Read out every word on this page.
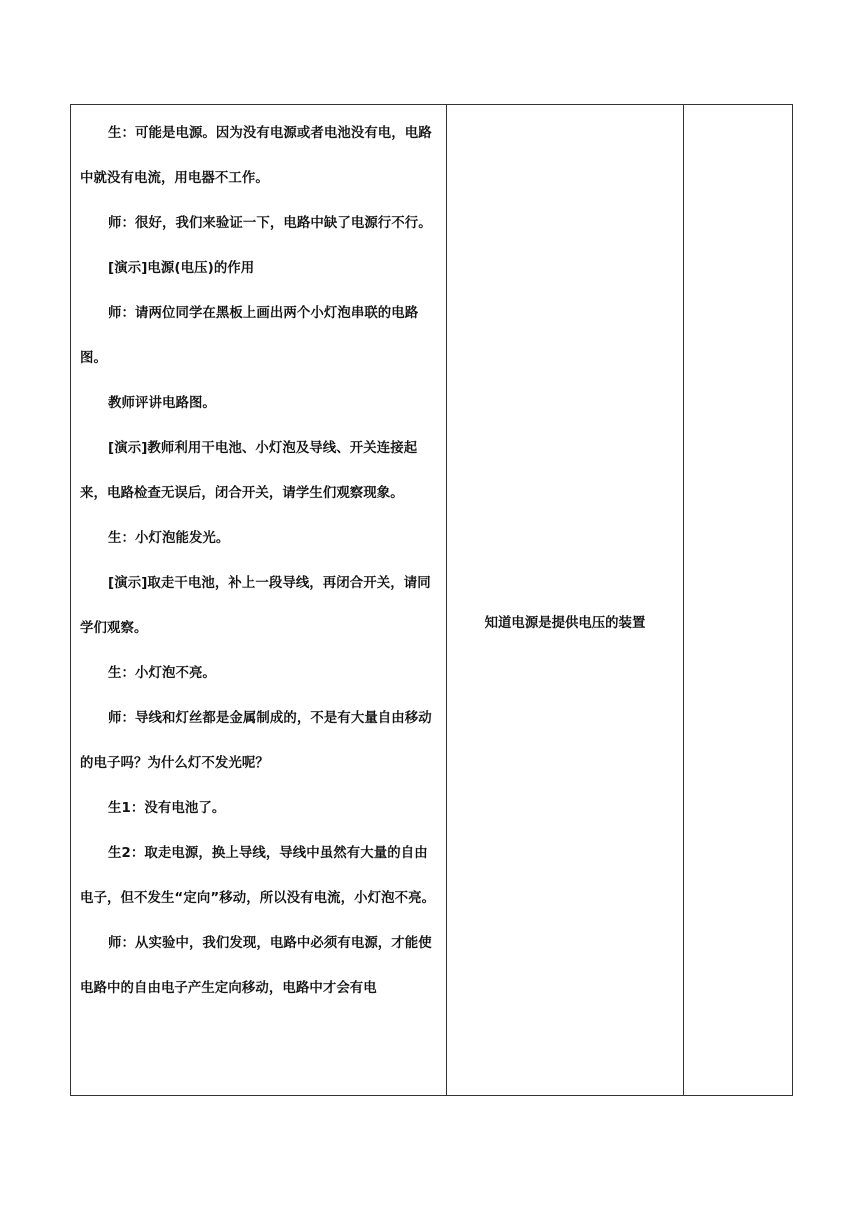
生：可能是电源。因为没有电源或者电池没有电，电路中就没有电流，用电器不工作。

师：很好，我们来验证一下，电路中缺了电源行不行。

[演示]电源(电压)的作用

师：请两位同学在黑板上画出两个小灯泡串联的电路图。

教师评讲电路图。

[演示]教师利用干电池、小灯泡及导线、开关连接起来，电路检查无误后，闭合开关，请学生们观察现象。

生：小灯泡能发光。

[演示]取走干电池，补上一段导线，再闭合开关，请同学们观察。

生：小灯泡不亮。

师：导线和灯丝都是金属制成的，不是有大量自由移动的电子吗？为什么灯不发光呢？

生1：没有电池了。

生2：取走电源，换上导线，导线中虽然有大量的自由电子，但不发生“定向”移动，所以没有电流，小灯泡不亮。

师：从实验中，我们发现，电路中必须有电源，才能使电路中的自由电子产生定向移动，电路中才会有电

	知道电源是提供电压的装置	
